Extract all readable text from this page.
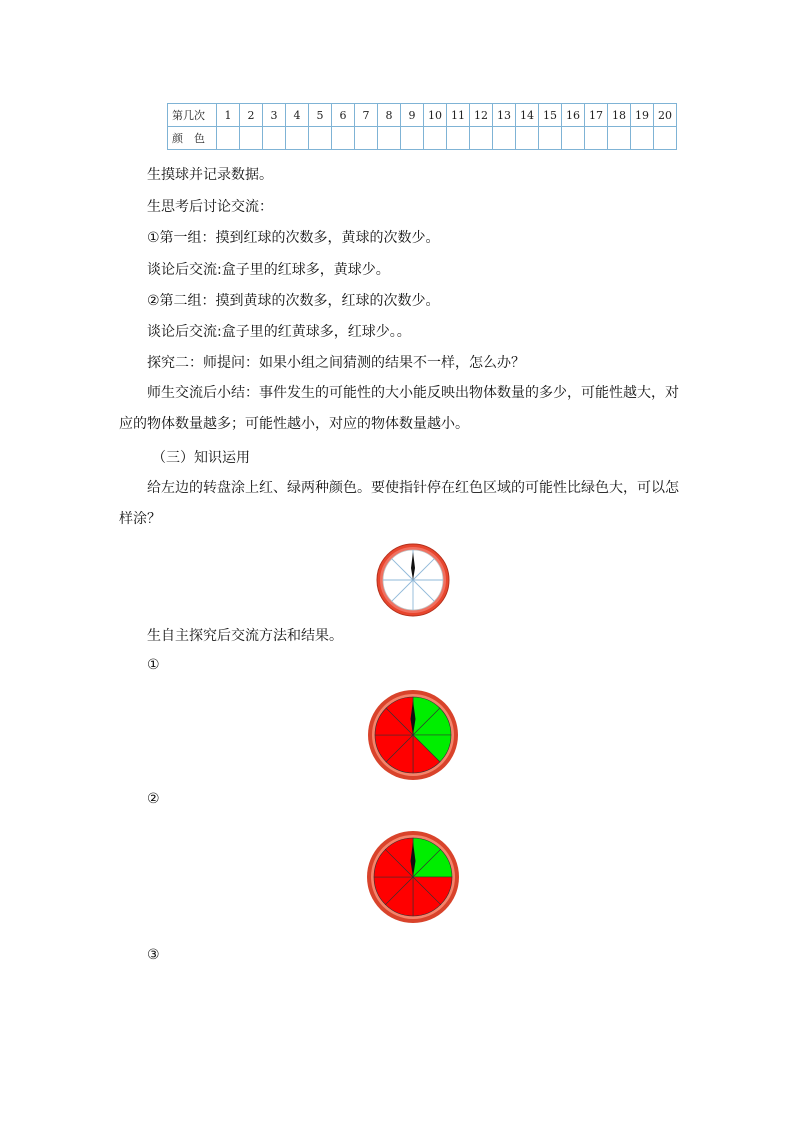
第几次	1	2	3	4	5	6	7	8	9	10	11	12	13	14	15	16	17	18	19	20
颜　色																				
生摸球并记录数据。
生思考后讨论交流：
①第一组：摸到红球的次数多，黄球的次数少。
谈论后交流:盒子里的红球多，黄球少。
②第二组：摸到黄球的次数多，红球的次数少。
谈论后交流:盒子里的红黄球多，红球少。。
探究二：师提问：如果小组之间猜测的结果不一样，怎么办？
师生交流后小结：事件发生的可能性的大小能反映出物体数量的多少，可能性越大，对应的物体数量越多；可能性越小，对应的物体数量越小。
（三）知识运用
给左边的转盘涂上红、绿两种颜色。要使指针停在红色区域的可能性比绿色大，可以怎样涂？
生自主探究后交流方法和结果。
①
②
③
